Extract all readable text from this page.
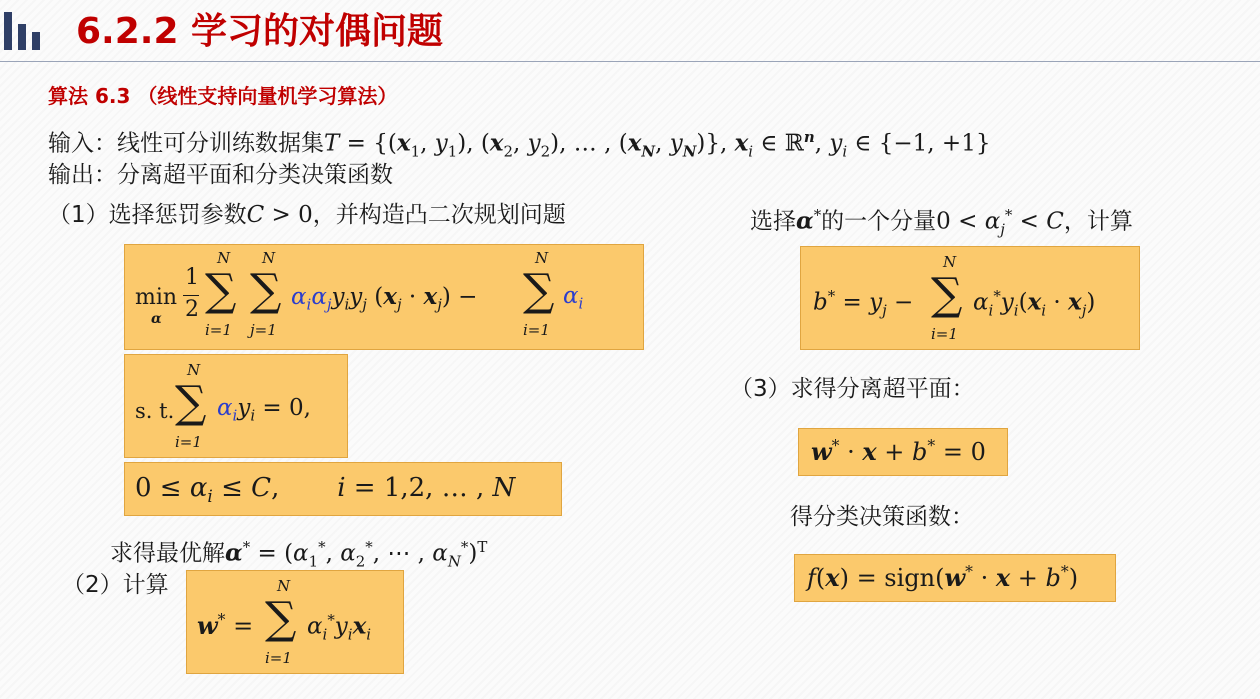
6.2.2 学习的对偶问题
算法 6.3 （线性支持向量机学习算法）
输入：线性可分训练数据集$T = \{(x_1$, $y_1$), ($x_2$, $y_2$), … , ($x_N$, $y_N$)}, $x_i$ ∈ ℝ$^n$, $y_i$ ∈ {−1, +1}
输出：分离超平面和分类决策函数
（1）选择惩罚参数C > 0，并构造凸二次规划问题
min
α
1
2
N
∑
i=1
N
∑
j=1
$\alpha_i\alpha_jy_iy_j$ $(x_j \cdot x_j)$ −
N
∑
i=1
$\alpha_i$
s. t.
N
∑
i=1
$\alpha_iy_i = 0$,
$0 \le \alpha_i \le C$,       i = 1,2, … , N
求得最优解$\alpha^* = (\alpha_1^*$, $\alpha_2^*$, ⋯ , $\alpha_N^*)^T$
（2）计算
w* =
N
∑
i=1
$\alpha_i^*y_ix_i$
选择α*的一个分量$0 < \alpha_j^* < C$，计算
$b^* = y_j$ −
N
∑
i=1
$\alpha_i^*y_i(x_i \cdot x_j)$
（3）求得分离超平面：
w* · x + b* = 0
得分类决策函数：
f(x) = sign(w* · x + b*)
